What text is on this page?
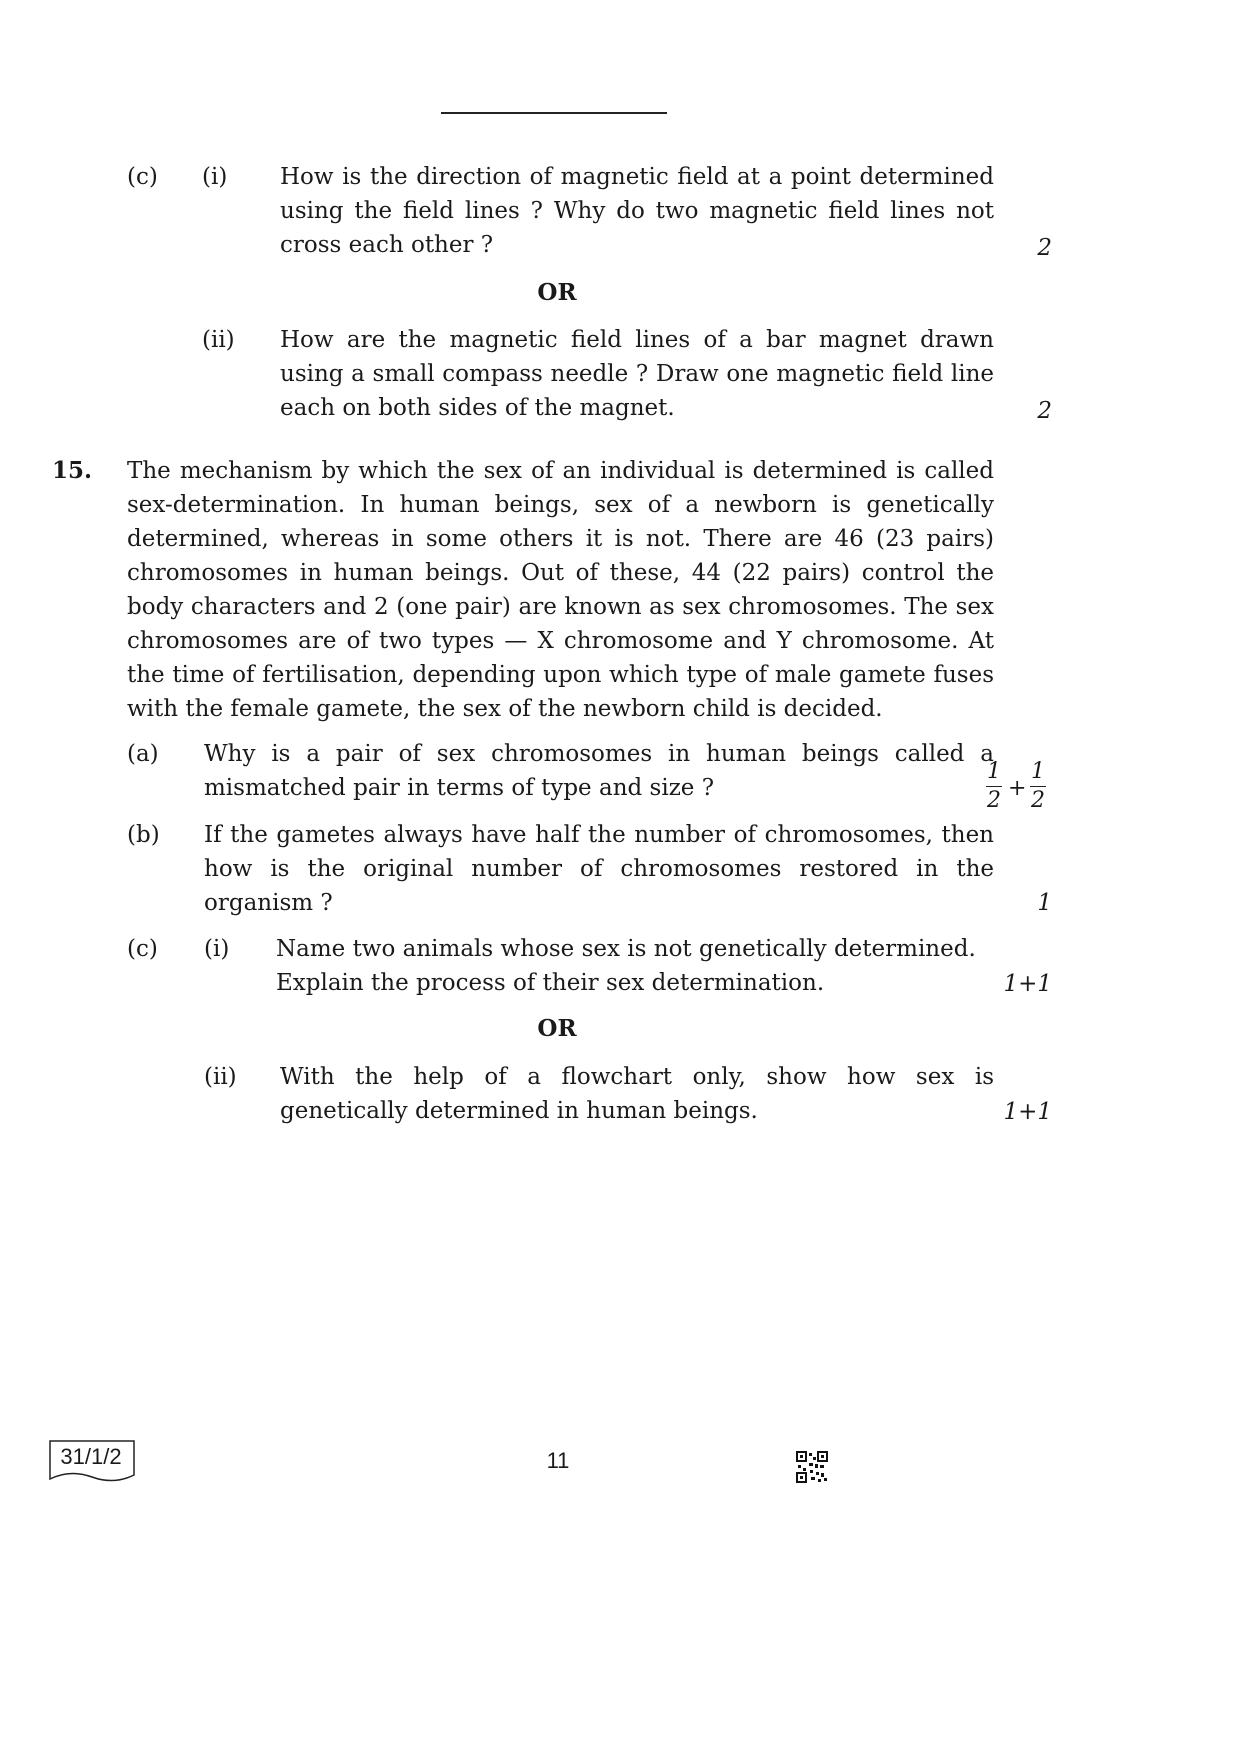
(c) (i) How is the direction of magnetic field at a point determined
using the field lines ? Why do two magnetic field lines not
cross each other ?	2
OR
(ii) How are the magnetic field lines of a bar magnet drawn
using a small compass needle ? Draw one magnetic field line
each on both sides of the magnet.	2
15. The mechanism by which the sex of an individual is determined is called
sex-determination. In human beings, sex of a newborn is genetically
determined, whereas in some others it is not. There are 46 (23 pairs)
chromosomes in human beings. Out of these, 44 (22 pairs) control the
body characters and 2 (one pair) are known as sex chromosomes. The sex
chromosomes are of two types — X chromosome and Y chromosome. At
the time of fertilisation, depending upon which type of male gamete fuses
with the female gamete, the sex of the newborn child is decided.
(a) Why is a pair of sex chromosomes in human beings called a
mismatched pair in terms of type and size ?
1
2 +
1
2
(b) If the gametes always have half the number of chromosomes, then
how is the original number of chromosomes restored in the
organism ?	1
(c) (i) Name two animals whose sex is not genetically determined.
Explain the process of their sex determination.	1+1
OR
(ii) With the help of a flowchart only, show how sex is
genetically determined in human beings.	1+1
31/1/2	11
